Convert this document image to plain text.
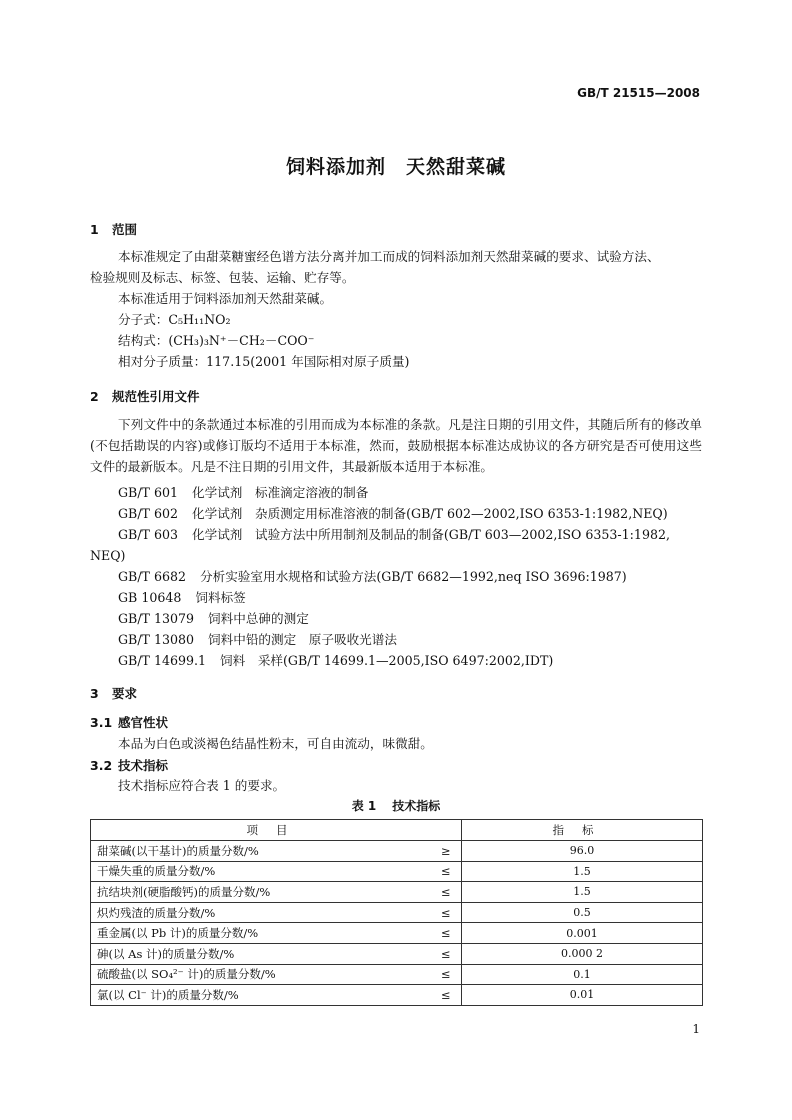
GB/T 21515—2008
饲料添加剂　天然甜菜碱
1 范围
本标准规定了由甜菜糖蜜经色谱方法分离并加工而成的饲料添加剂天然甜菜碱的要求、试验方法、
检验规则及标志、标签、包装、运输、贮存等。
本标准适用于饲料添加剂天然甜菜碱。
分子式：C₅H₁₁NO₂
结构式：(CH₃)₃N⁺－CH₂－COO⁻
相对分子质量：117.15(2001 年国际相对原子质量)
2 规范性引用文件
下列文件中的条款通过本标准的引用而成为本标准的条款。凡是注日期的引用文件，其随后所有的修改单(不包括勘误的内容)或修订版均不适用于本标准，然而，鼓励根据本标准达成协议的各方研究是否可使用这些文件的最新版本。凡是不注日期的引用文件，其最新版本适用于本标准。
GB/T 601 化学试剂　标准滴定溶液的制备
GB/T 602 化学试剂　杂质测定用标准溶液的制备(GB/T 602—2002,ISO 6353-1:1982,NEQ)
GB/T 603 化学试剂　试验方法中所用制剂及制品的制备(GB/T 603—2002,ISO 6353-1:1982,
NEQ)
GB/T 6682 分析实验室用水规格和试验方法(GB/T 6682—1992,neq ISO 3696:1987)
GB 10648 饲料标签
GB/T 13079 饲料中总砷的测定
GB/T 13080 饲料中铅的测定　原子吸收光谱法
GB/T 14699.1 饲料　采样(GB/T 14699.1—2005,ISO 6497:2002,IDT)
3 要求
3.1 感官性状
本品为白色或淡褐色结晶性粉末，可自由流动，味微甜。
3.2 技术指标
技术指标应符合表 1 的要求。
表 1 技术指标
项目		指标
甜菜碱(以干基计)的质量分数/%	≥	96.0
干燥失重的质量分数/%	≤	1.5
抗结块剂(硬脂酸钙)的质量分数/%	≤	1.5
炽灼残渣的质量分数/%	≤	0.5
重金属(以 Pb 计)的质量分数/%	≤	0.001
砷(以 As 计)的质量分数/%	≤	0.000 2
硫酸盐(以 SO₄²⁻ 计)的质量分数/%	≤	0.1
氯(以 Cl⁻ 计)的质量分数/%	≤	0.01
1
